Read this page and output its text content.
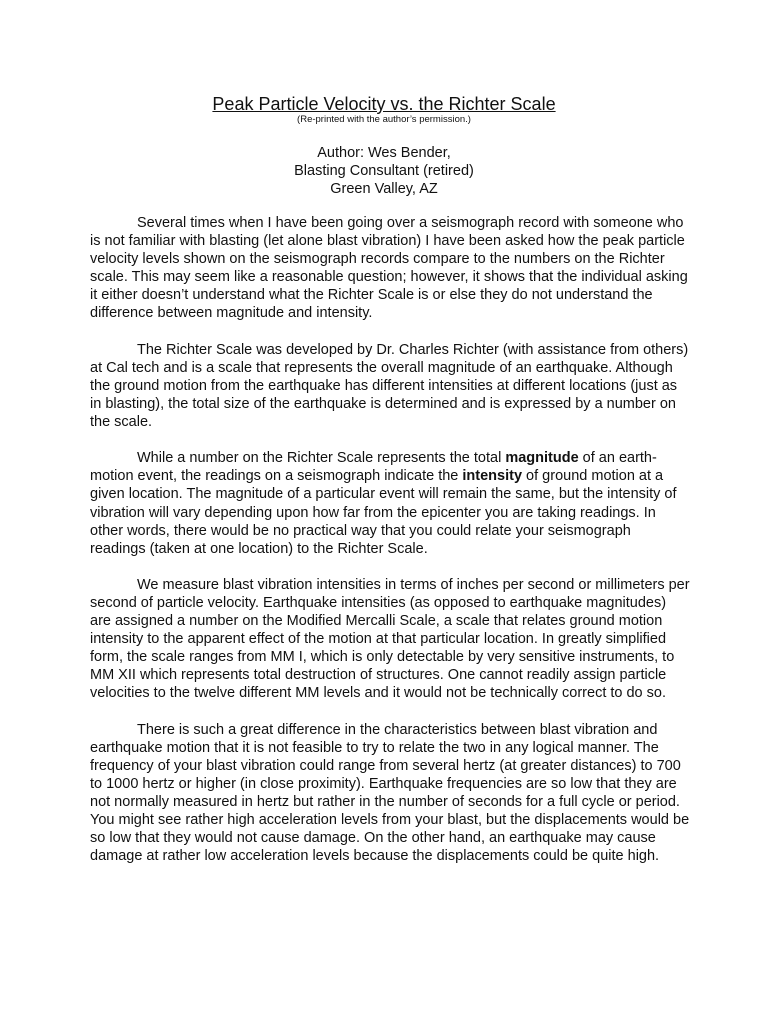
Peak Particle Velocity vs. the Richter Scale
(Re-printed with the author’s permission.)
Author: Wes Bender,
Blasting Consultant (retired)
Green Valley, AZ

Several times when I have been going over a seismograph record with someone who is not familiar with blasting (let alone blast vibration) I have been asked how the peak particle velocity levels shown on the seismograph records compare to the numbers on the Richter scale. This may seem like a reasonable question; however, it shows that the individual asking it either doesn’t understand what the Richter Scale is or else they do not understand the difference between magnitude and intensity.

The Richter Scale was developed by Dr. Charles Richter (with assistance from others) at Cal tech and is a scale that represents the overall magnitude of an earthquake. Although the ground motion from the earthquake has different intensities at different locations (just as in blasting), the total size of the earthquake is determined and is expressed by a number on the scale.

While a number on the Richter Scale represents the total magnitude of an earth-motion event, the readings on a seismograph indicate the intensity of ground motion at a given location. The magnitude of a particular event will remain the same, but the intensity of vibration will vary depending upon how far from the epicenter you are taking readings. In other words, there would be no practical way that you could relate your seismograph readings (taken at one location) to the Richter Scale.

We measure blast vibration intensities in terms of inches per second or millimeters per second of particle velocity. Earthquake intensities (as opposed to earthquake magnitudes) are assigned a number on the Modified Mercalli Scale, a scale that relates ground motion intensity to the apparent effect of the motion at that particular location. In greatly simplified form, the scale ranges from MM I, which is only detectable by very sensitive instruments, to MM XII which represents total destruction of structures. One cannot readily assign particle velocities to the twelve different MM levels and it would not be technically correct to do so.

There is such a great difference in the characteristics between blast vibration and earthquake motion that it is not feasible to try to relate the two in any logical manner. The frequency of your blast vibration could range from several hertz (at greater distances) to 700 to 1000 hertz or higher (in close proximity). Earthquake frequencies are so low that they are not normally measured in hertz but rather in the number of seconds for a full cycle or period.

You might see rather high acceleration levels from your blast, but the displacements would be so low that they would not cause damage. On the other hand, an earthquake may cause damage at rather low acceleration levels because the displacements could be quite high.
